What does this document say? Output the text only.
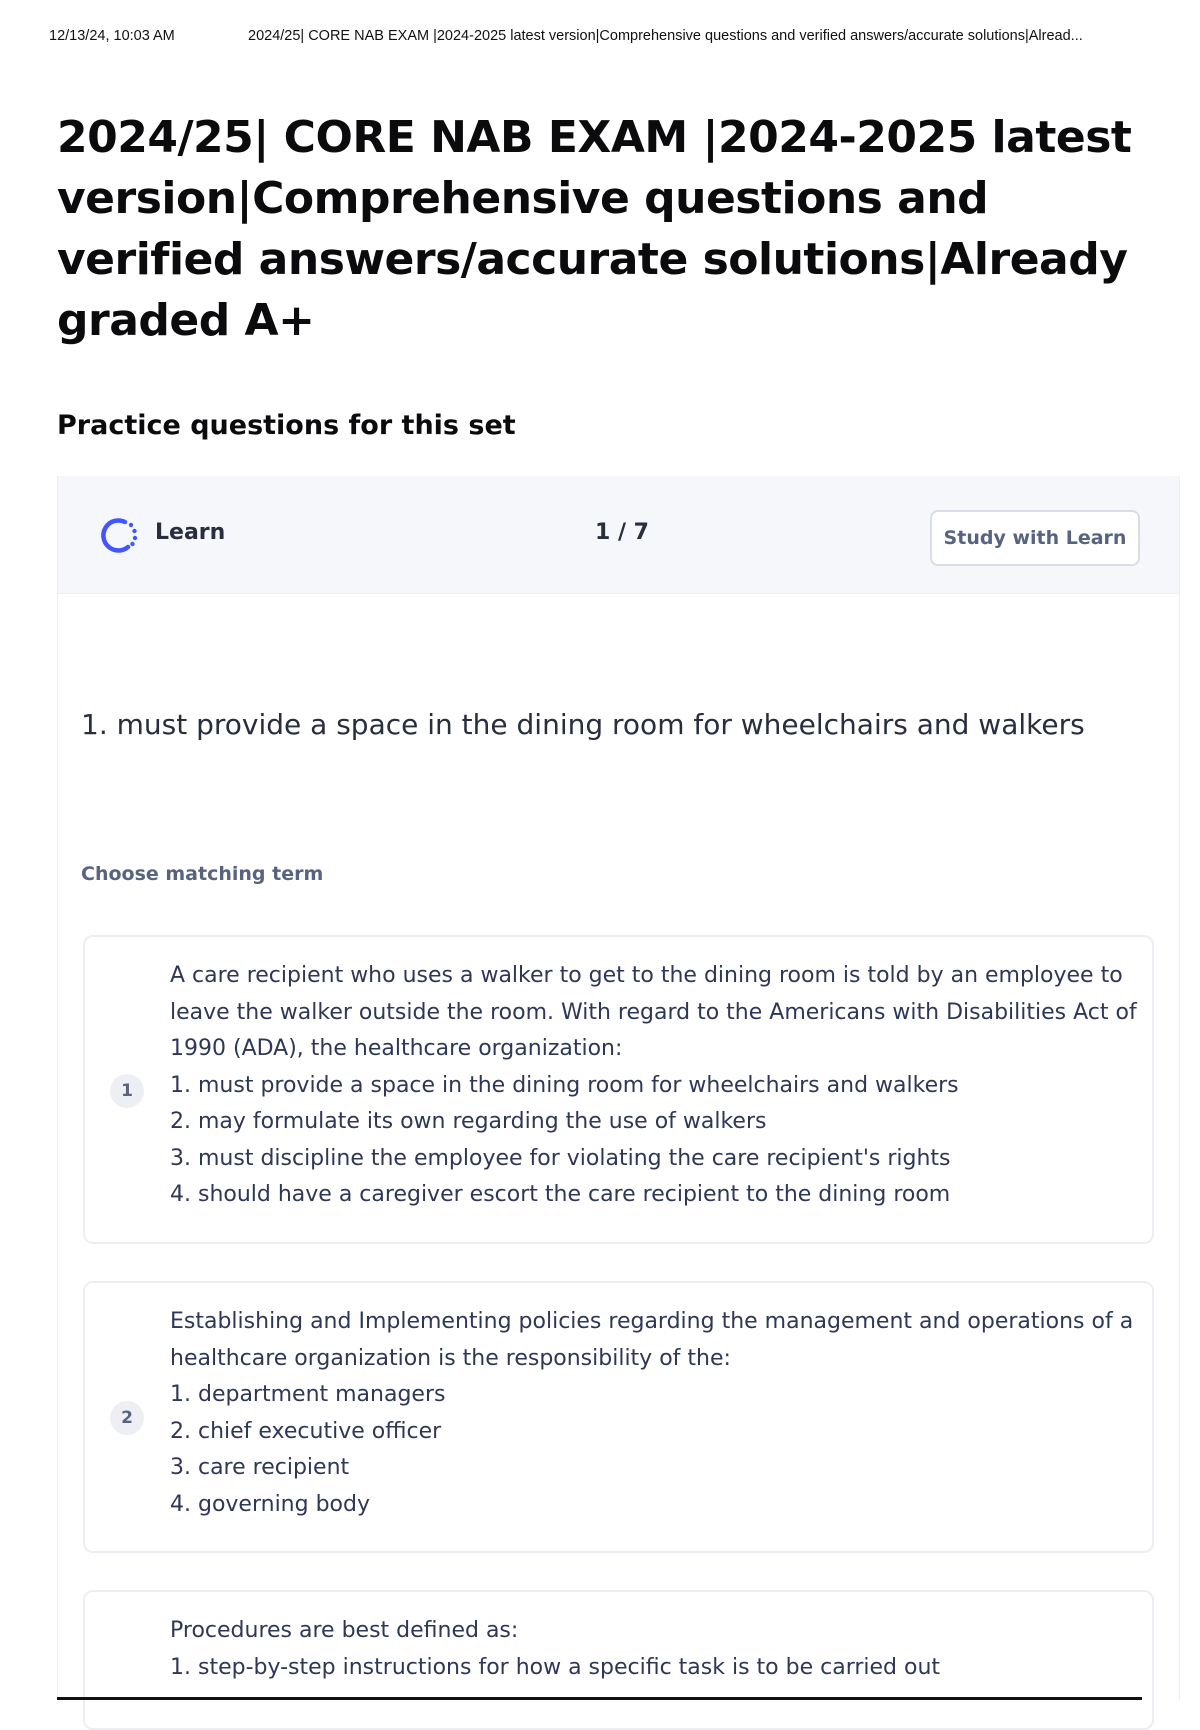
12/13/24, 10:03 AM	2024/25| CORE NAB EXAM |2024-2025 latest version|Comprehensive questions and verified answers/accurate solutions|Alread...
2024/25| CORE NAB EXAM |2024-2025 latest version|Comprehensive questions and verified answers/accurate solutions|Already graded A+
Practice questions for this set
Learn	1 / 7	Study with Learn

1. must provide a space in the dining room for wheelchairs and walkers

Choose matching term
1
A care recipient who uses a walker to get to the dining room is told by an employee to
leave the walker outside the room. With regard to the Americans with Disabilities Act of
1990 (ADA), the healthcare organization:
1. must provide a space in the dining room for wheelchairs and walkers
2. may formulate its own regarding the use of walkers
3. must discipline the employee for violating the care recipient's rights
4. should have a caregiver escort the care recipient to the dining room
2
Establishing and Implementing policies regarding the management and operations of a
healthcare organization is the responsibility of the:
1. department managers
2. chief executive officer
3. care recipient
4. governing body
Procedures are best defined as:
1. step-by-step instructions for how a specific task is to be carried out
